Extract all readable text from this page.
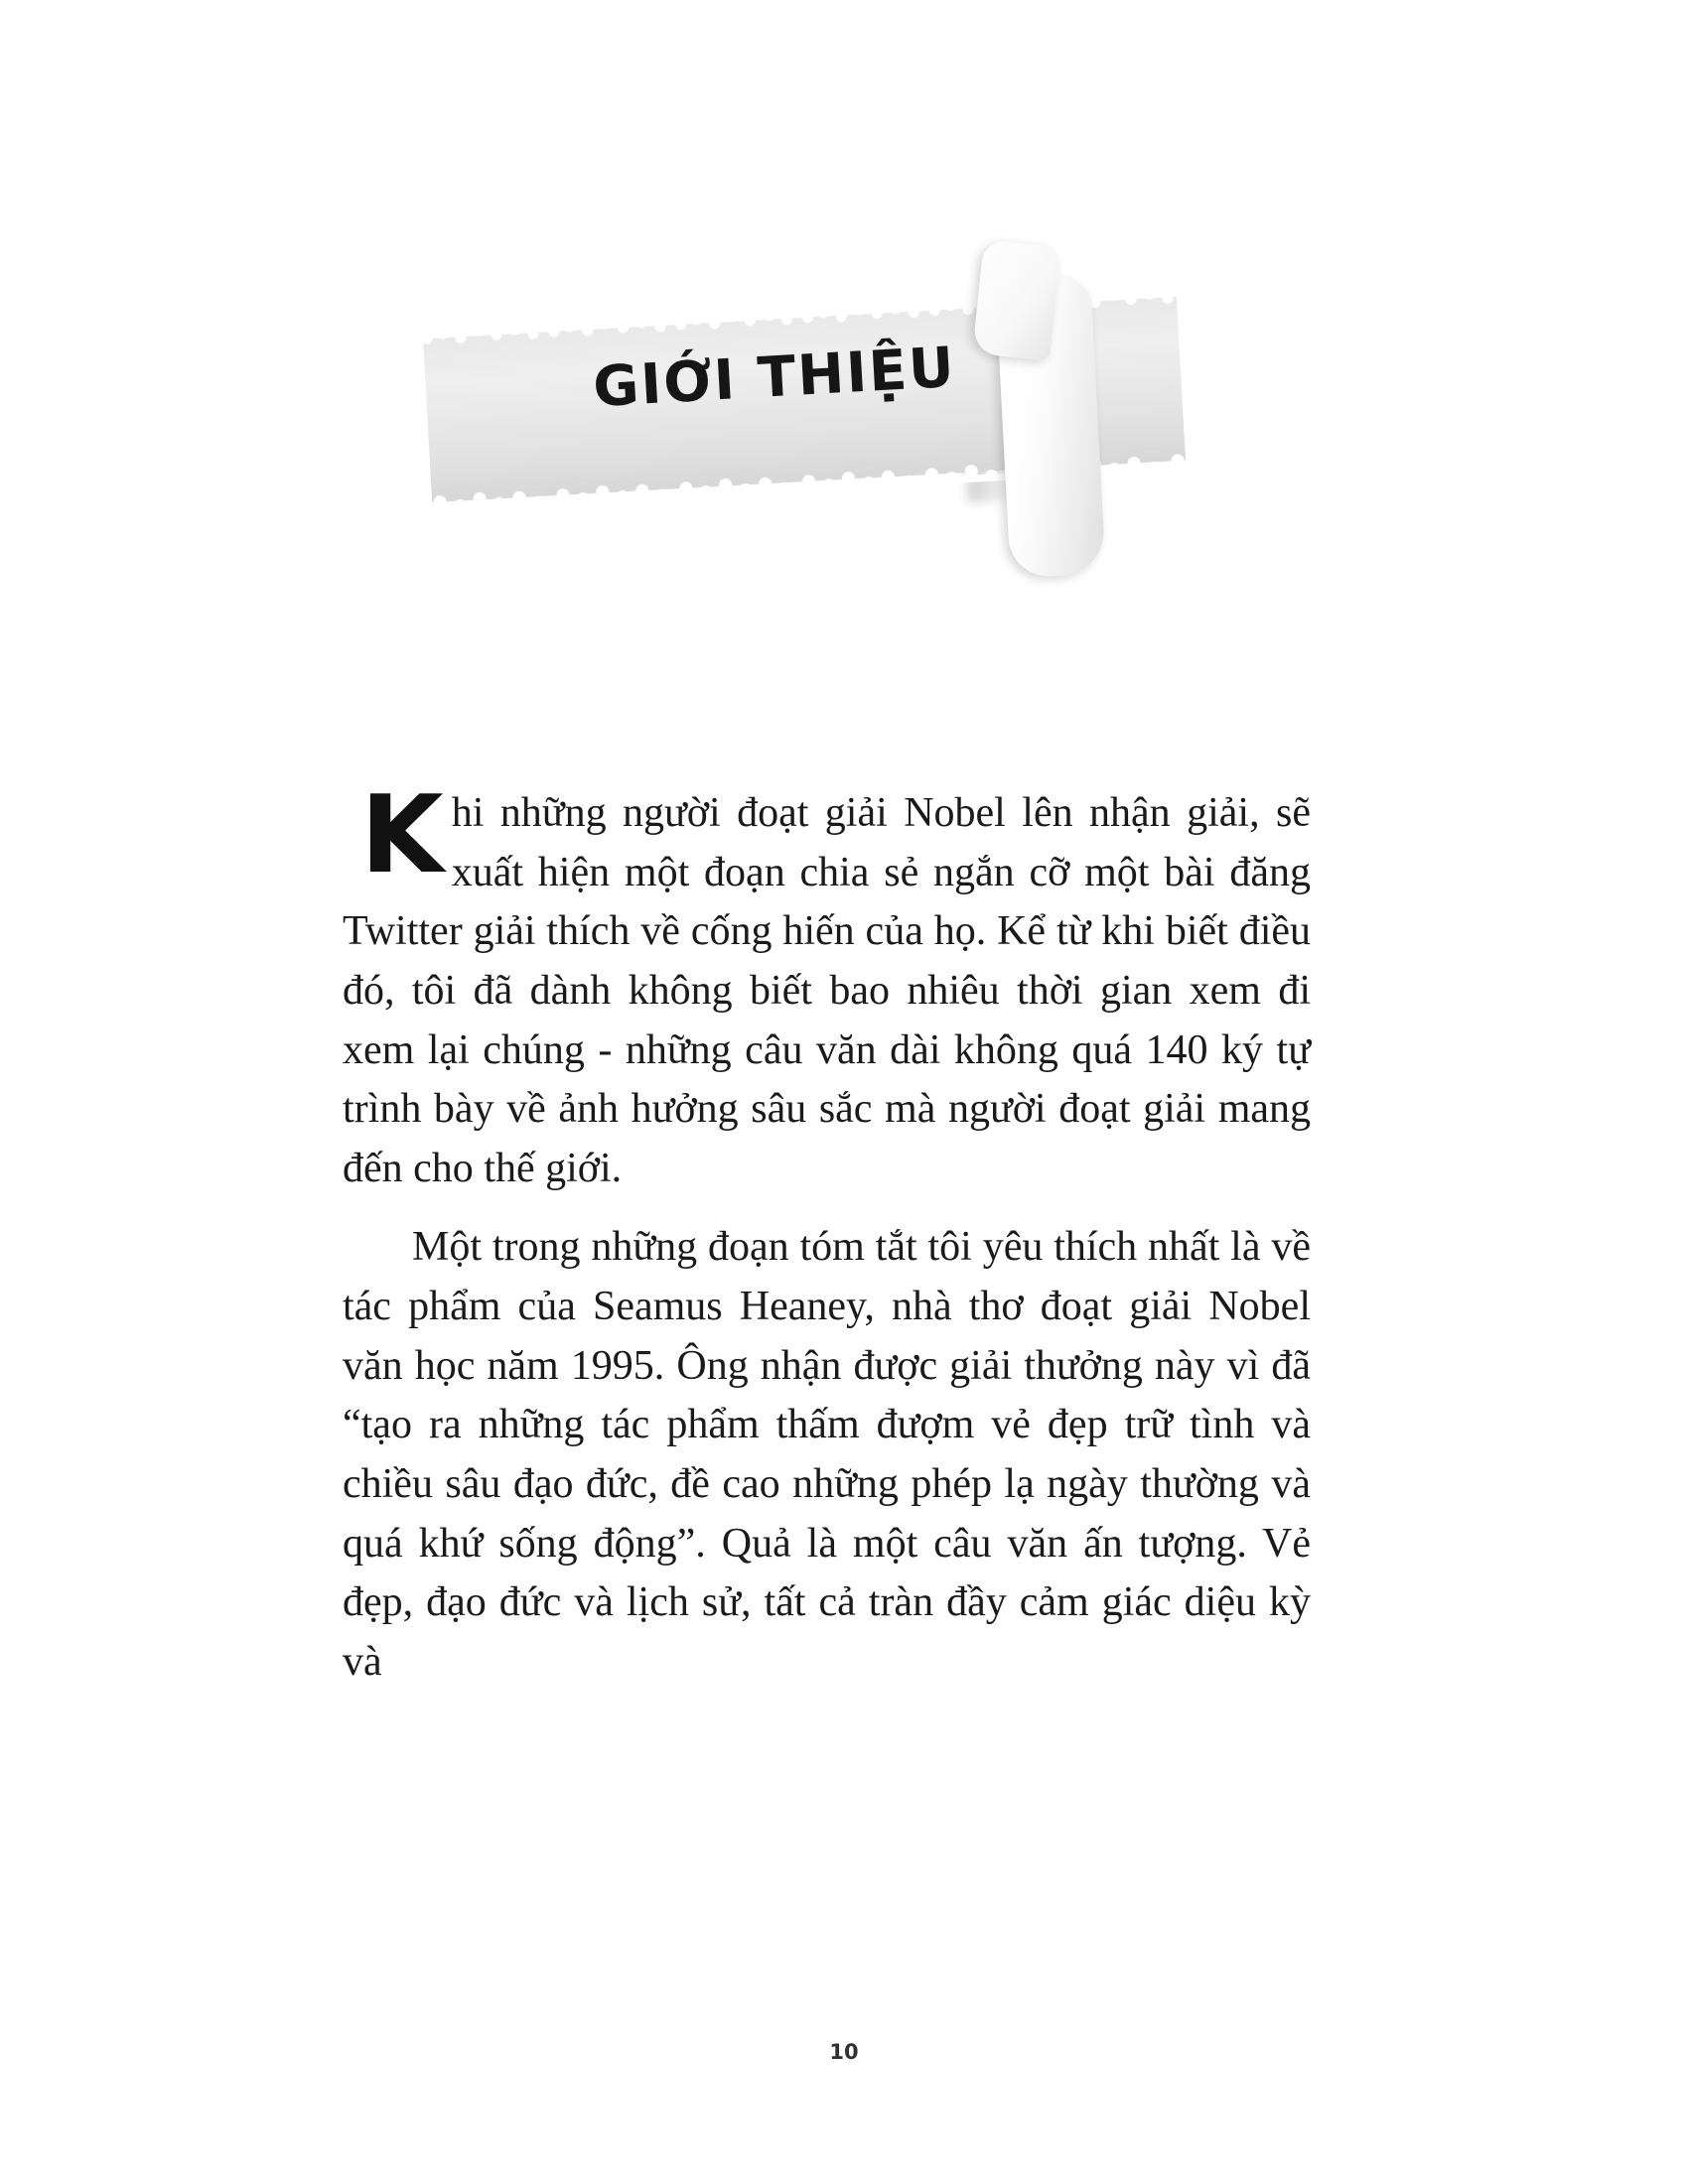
GIỚI THIỆU

Khi những người đoạt giải Nobel lên nhận giải, sẽ xuất hiện một đoạn chia sẻ ngắn cỡ một bài đăng Twitter giải thích về cống hiến của họ. Kể từ khi biết điều đó, tôi đã dành không biết bao nhiêu thời gian xem đi xem lại chúng - những câu văn dài không quá 140 ký tự trình bày về ảnh hưởng sâu sắc mà người đoạt giải mang đến cho thế giới.

Một trong những đoạn tóm tắt tôi yêu thích nhất là về tác phẩm của Seamus Heaney, nhà thơ đoạt giải Nobel văn học năm 1995. Ông nhận được giải thưởng này vì đã “tạo ra những tác phẩm thấm đượm vẻ đẹp trữ tình và chiều sâu đạo đức, đề cao những phép lạ ngày thường và quá khứ sống động”. Quả là một câu văn ấn tượng. Vẻ đẹp, đạo đức và lịch sử, tất cả tràn đầy cảm giác diệu kỳ và

10
